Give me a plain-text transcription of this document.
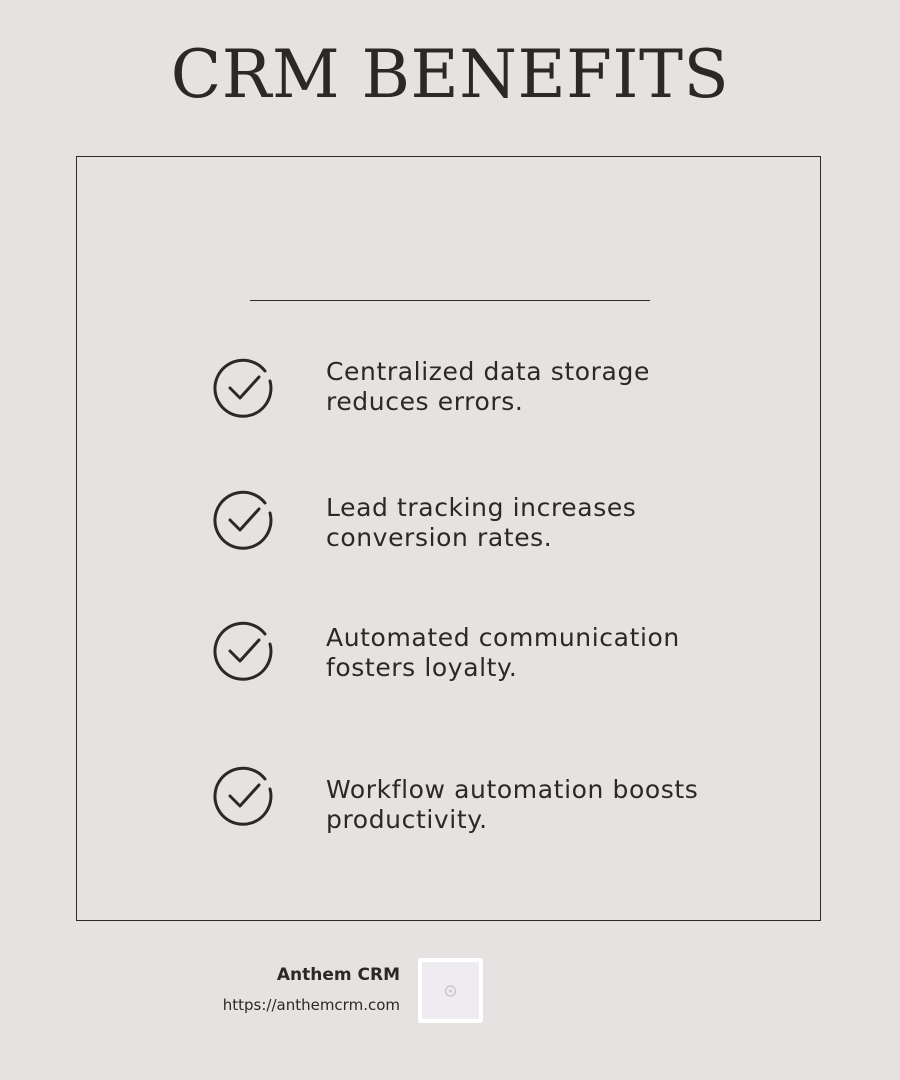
CRM BENEFITS

Centralized data storage
reduces errors.

Lead tracking increases
conversion rates.

Automated communication
fosters loyalty.

Workflow automation boosts
productivity.

Anthem CRM
https://anthemcrm.com
